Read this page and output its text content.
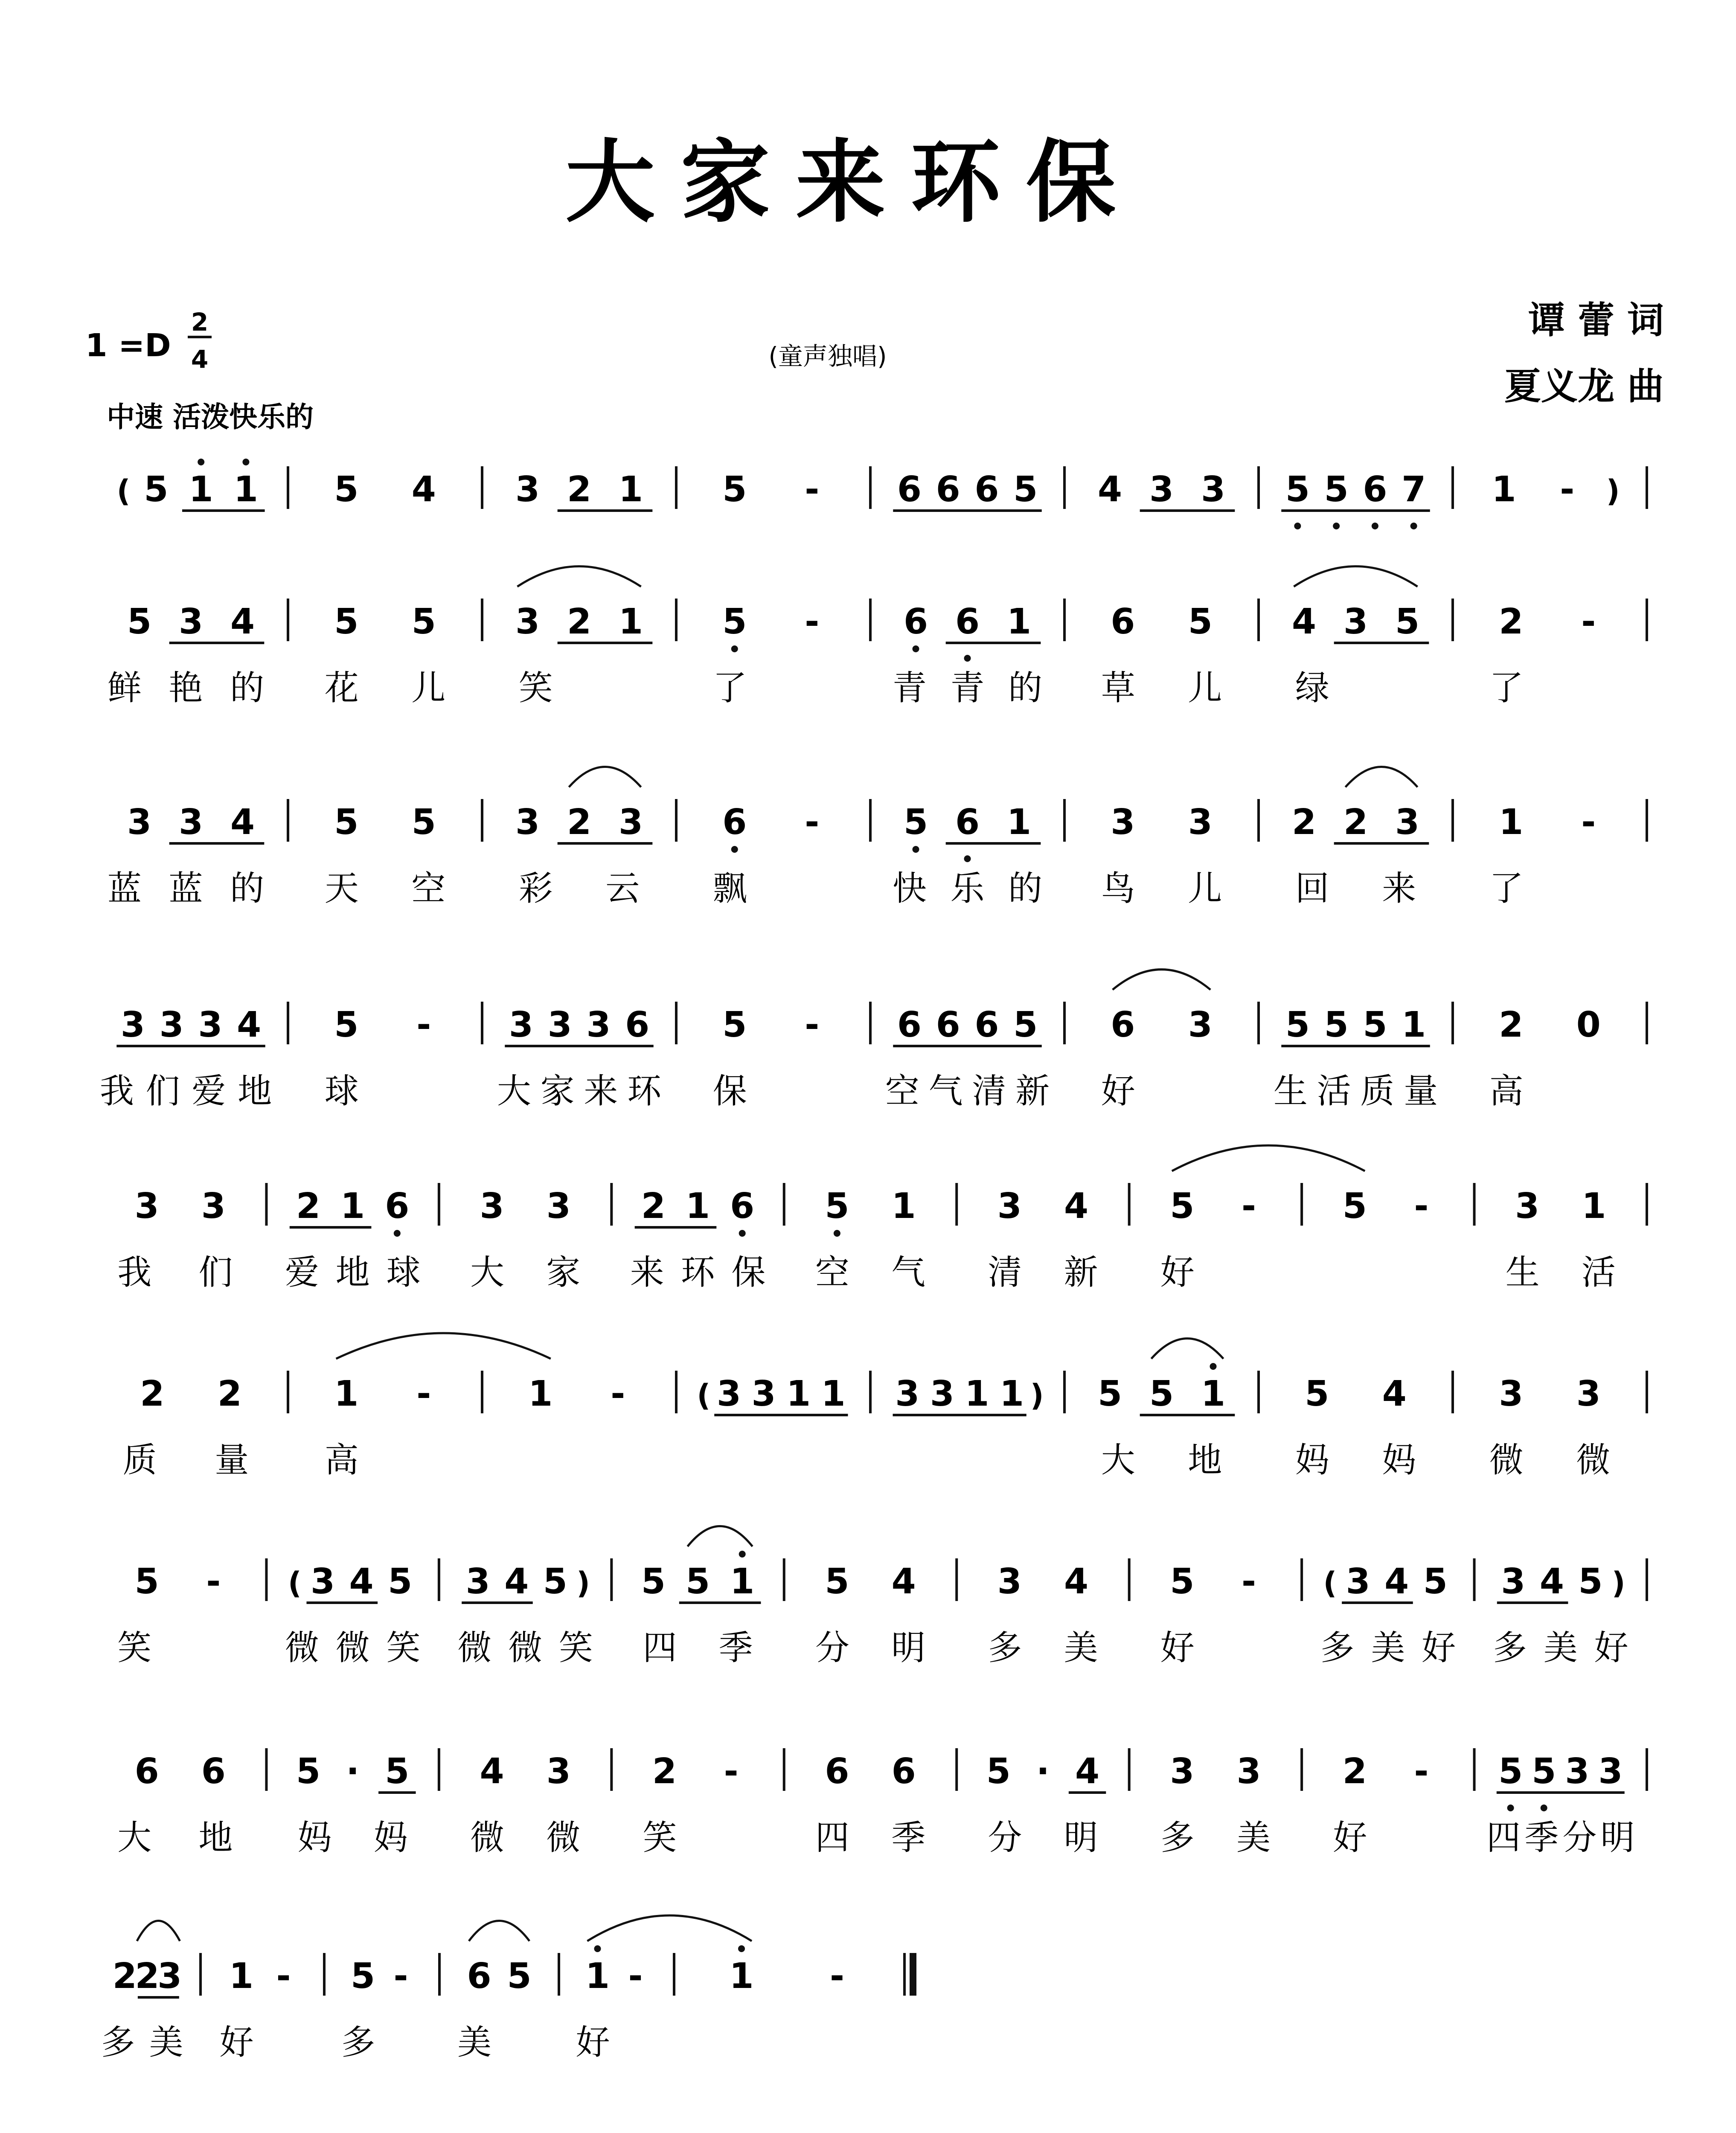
大家来环保
1 =D
2
4	(童声独唱)
中速 活泼快乐的
谭 蕾 词
夏义龙 曲
( 5 1 1 5 4 3 2 1 5 - 6 6 6 5 4 3 3 5 5 6 7 1 - )
5 3 4
鲜 艳 的
5 5
花 儿
3 2 1
笑
5 -
了
6 6 1
青 青 的
6 5
草 儿
4 3 5
绿
2 -
了
3 3 4
蓝 蓝 的
5 5
天 空
3 2 3
彩 云
6 -
飘
5 6 1
快 乐 的
3 3
鸟 儿
2 2 3
回 来
1 -
了
3 3 3 4
我 们 爱 地
5 -
球
3 3 3 6
大 家 来 环
5 -
保
6 6 6 5
空 气 清 新
6 3
好
5 5 5 1
生 活 质 量
2 0
高
3 3
我 们
2 1 6
爱 地 球
3 3
大 家
2 1 6
来 环 保
5 1
空 气
3 4
清 新
5 -
好
5 - 3 1
生 活
2 2
质 量
1 -
高
1 - ( 3 3 1 1 3 3 1 1 ) 5 5 1
大 地
5 4
妈 妈
3 3
微 微
5 -
笑
( 3 4 5
微 微 笑
3 4 5 )
微 微 笑
5 5 1
四 季
5 4
分 明
3 4
多 美
5 -
好
( 3 4 5
多 美 好
3 4 5 )
多 美 好
6 6
大 地
5 · 5
妈 妈
4 3
微 微
2 -
笑
6 6
四 季
5 · 4
分 明
3 3
多 美
2 -
好
5 5 3 3
四 季 分 明
2
2
3
多 美
1 -
好
5 -
多
6 5
美
1 -
好
1 -
